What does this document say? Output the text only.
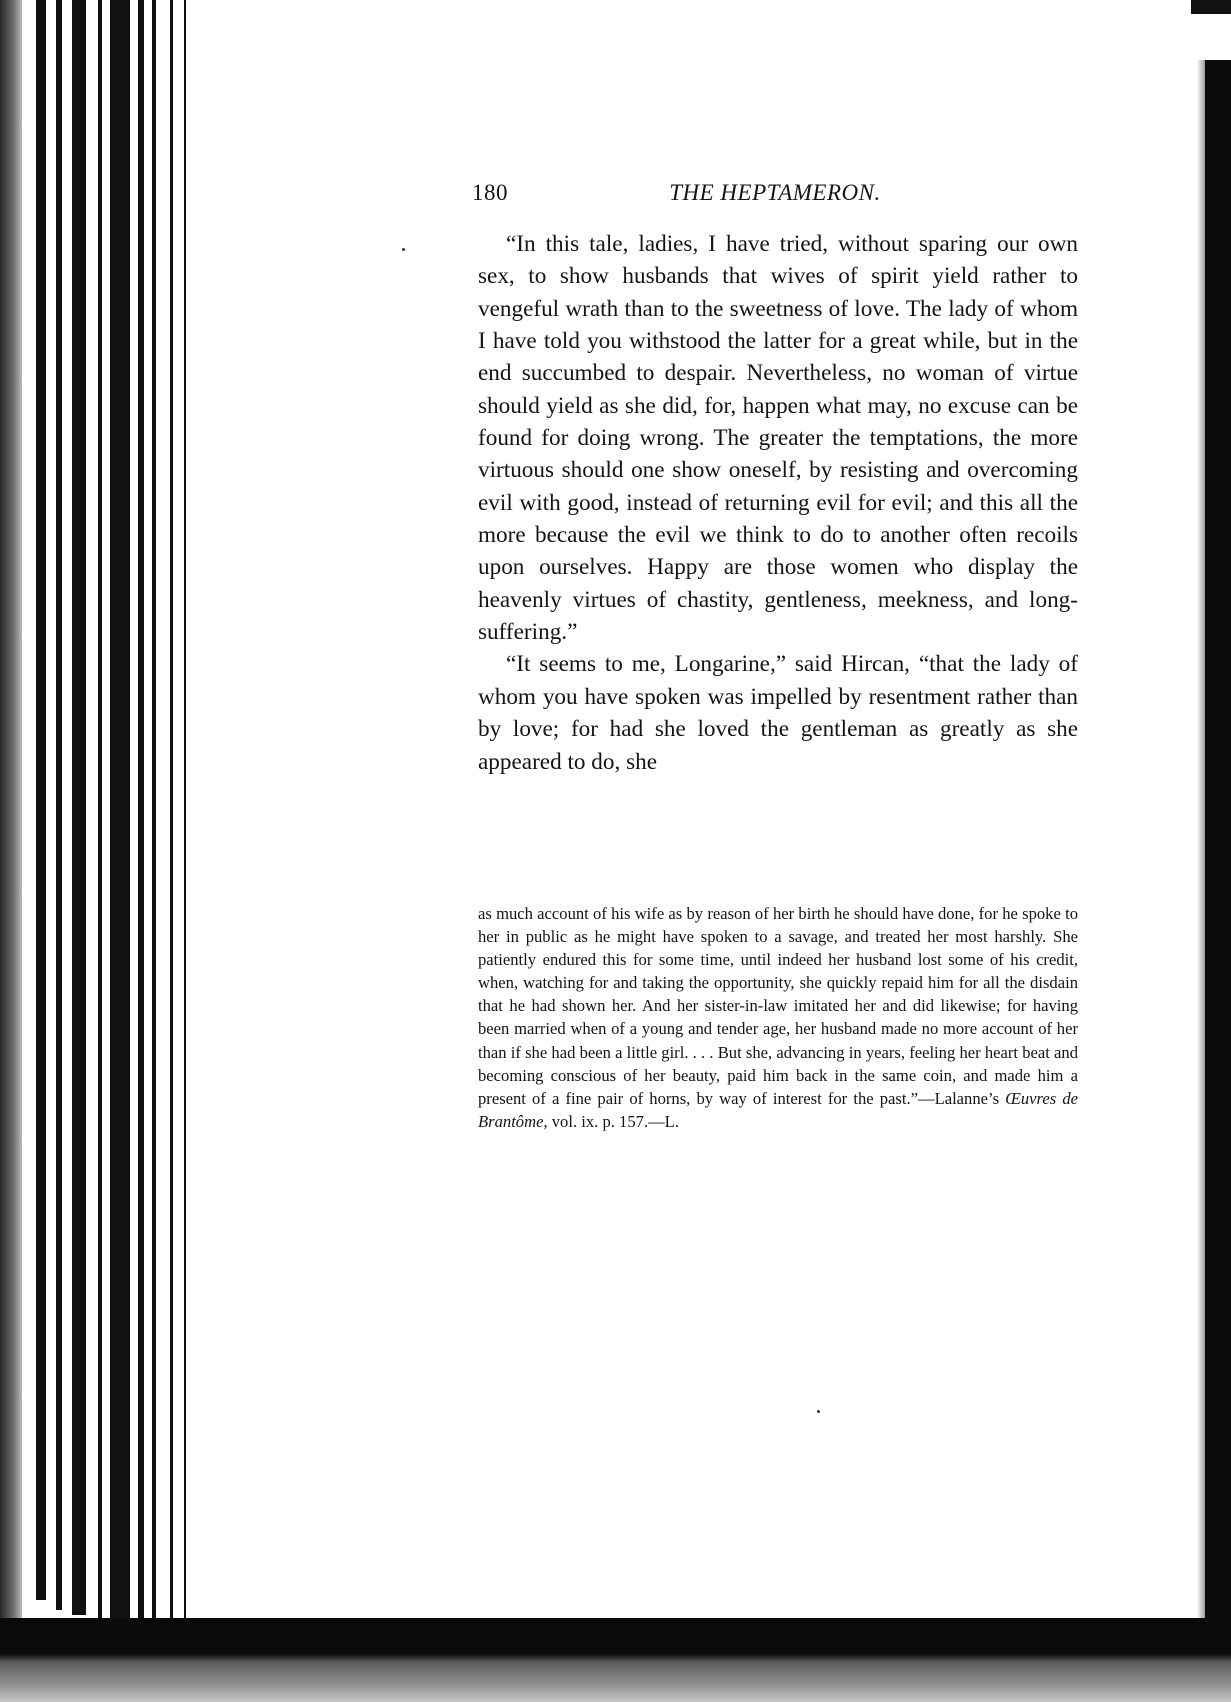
180	THE HEPTAMERON.

“In this tale, ladies, I have tried, without sparing our own sex, to show husbands that wives of spirit yield rather to vengeful wrath than to the sweetness of love. The lady of whom I have told you withstood the latter for a great while, but in the end succumbed to despair. Nevertheless, no woman of virtue should yield as she did, for, happen what may, no excuse can be found for doing wrong. The greater the temptations, the more virtuous should one show oneself, by resisting and overcoming evil with good, instead of returning evil for evil; and this all the more because the evil we think to do to another often recoils upon ourselves. Happy are those women who display the heavenly virtues of chastity, gentleness, meekness, and long-suffering.”

“It seems to me, Longarine,” said Hircan, “that the lady of whom you have spoken was impelled by resentment rather than by love; for had she loved the gentleman as greatly as she appeared to do, she

as much account of his wife as by reason of her birth he should have done, for he spoke to her in public as he might have spoken to a savage, and treated her most harshly. She patiently endured this for some time, until indeed her husband lost some of his credit, when, watching for and taking the opportunity, she quickly repaid him for all the disdain that he had shown her. And her sister-in-law imitated her and did likewise; for having been married when of a young and tender age, her husband made no more account of her than if she had been a little girl. . . . But she, advancing in years, feeling her heart beat and becoming conscious of her beauty, paid him back in the same coin, and made him a present of a fine pair of horns, by way of interest for the past.”—Lalanne’s Œuvres de Brantôme, vol. ix. p. 157.—L.
